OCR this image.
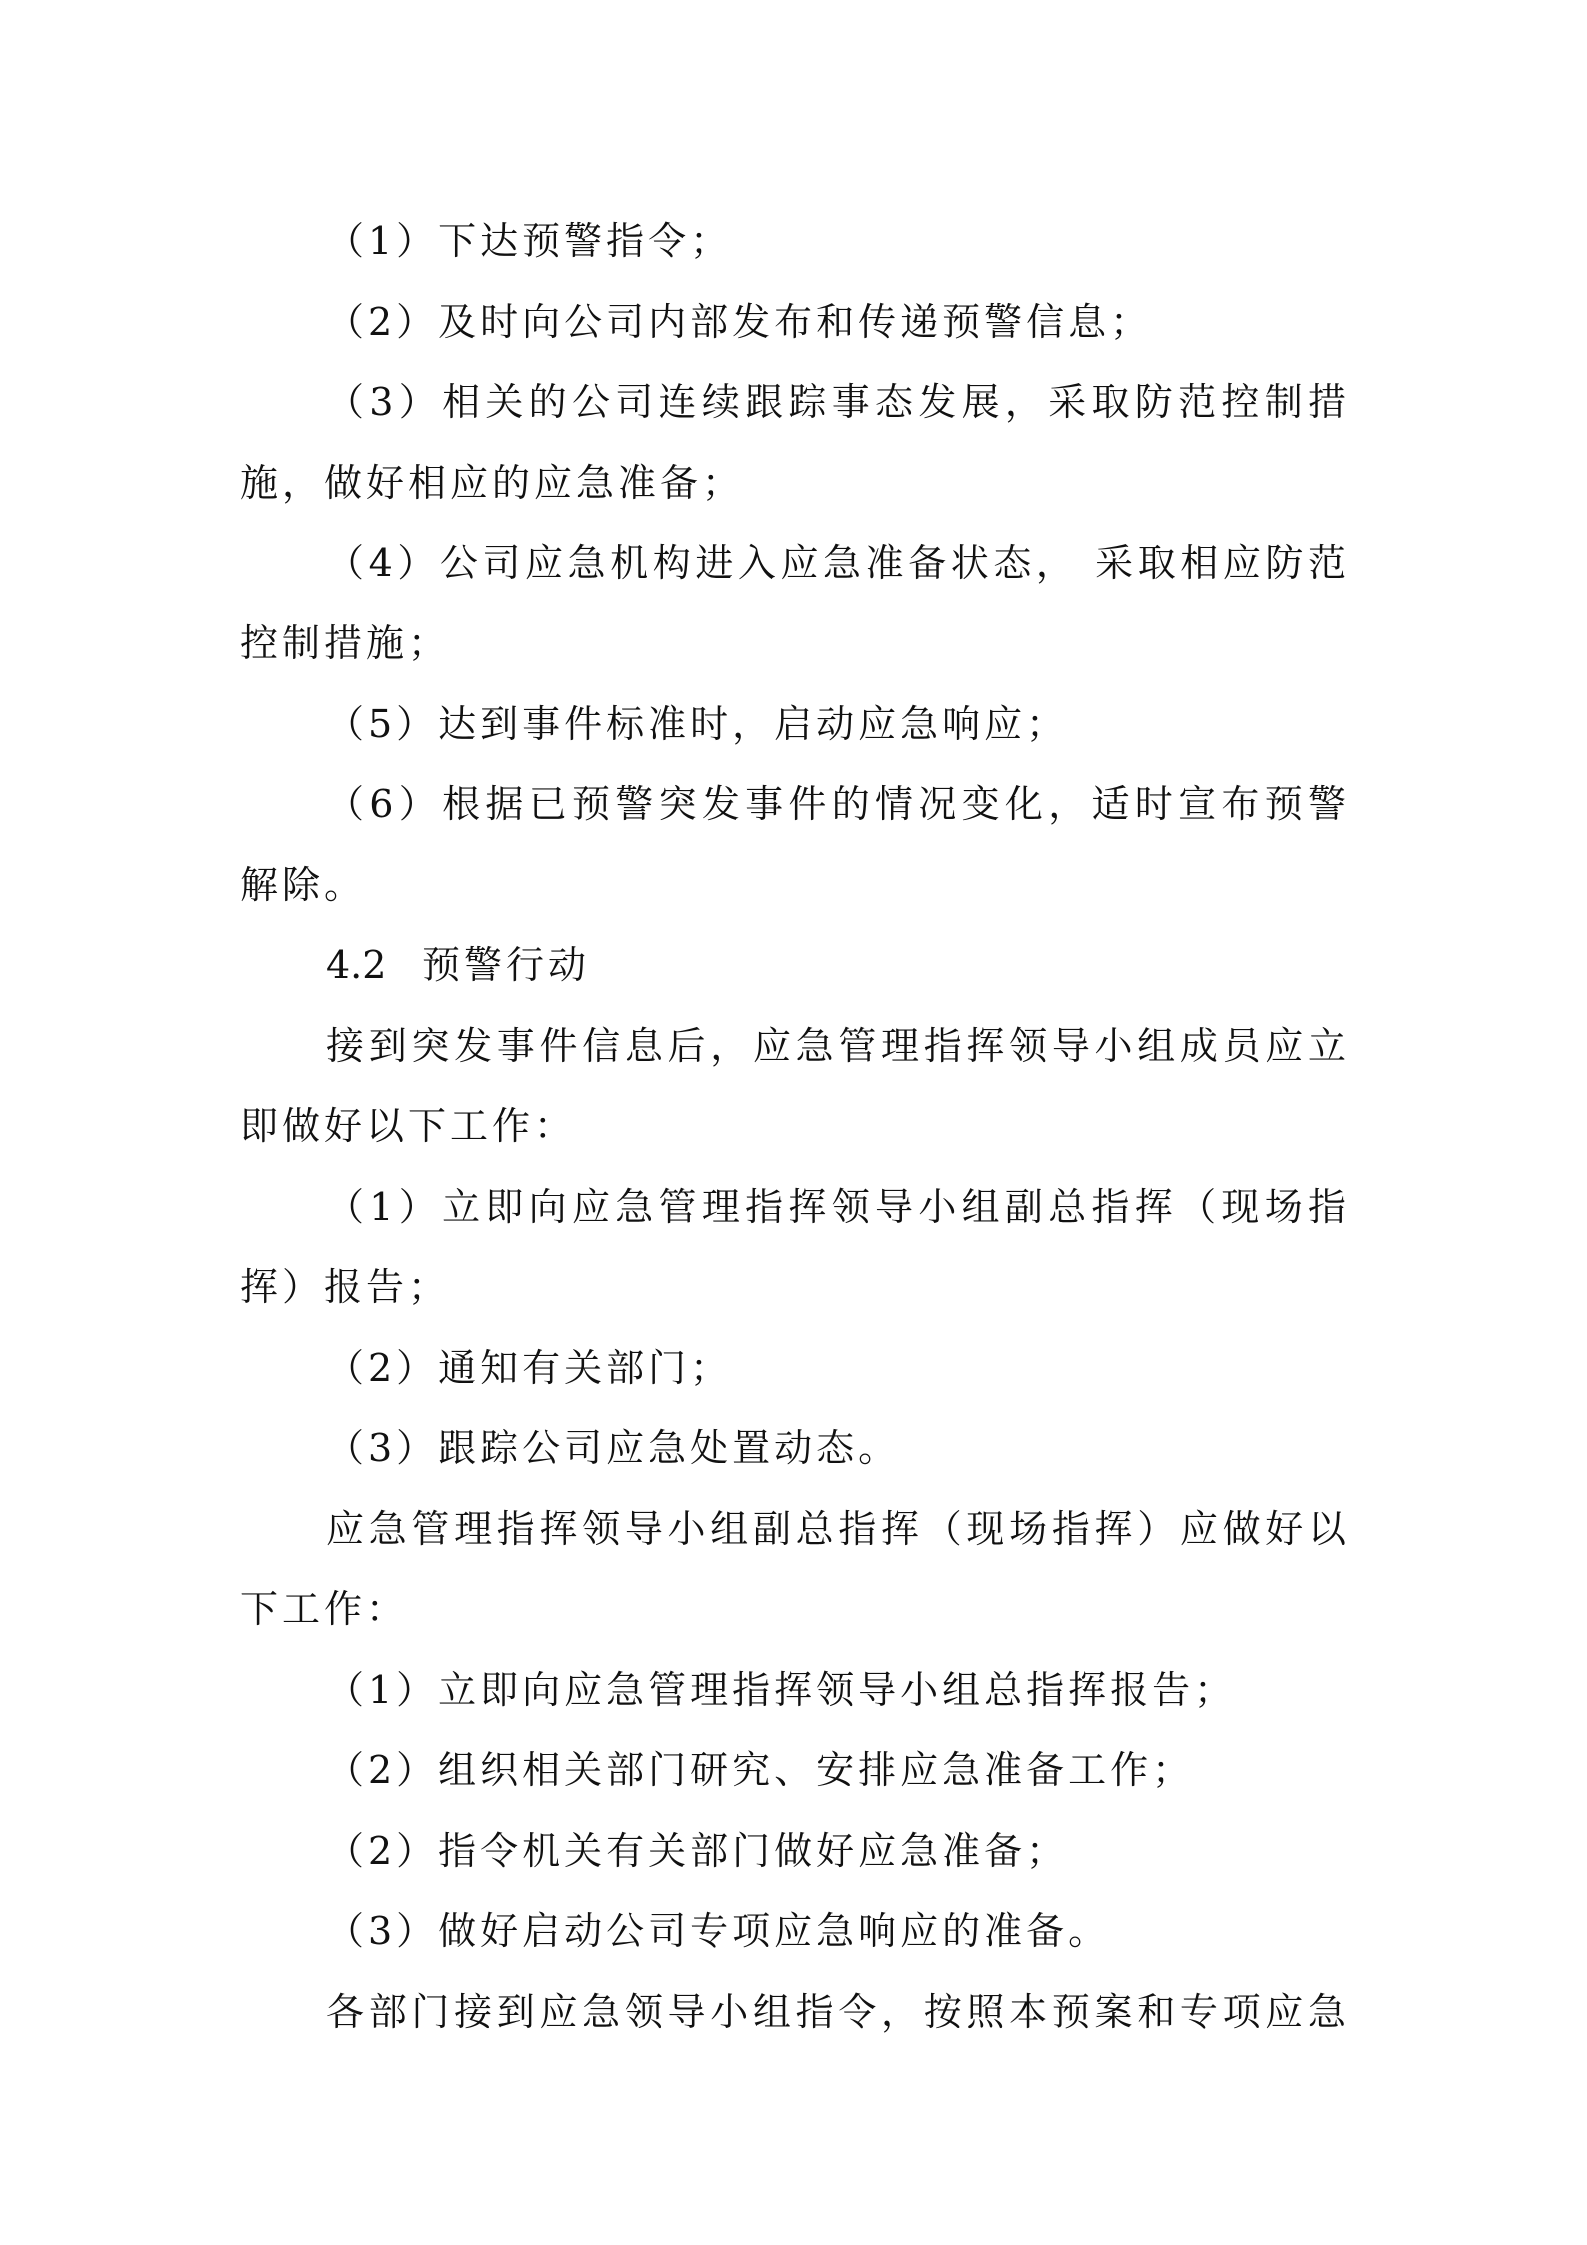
（1）下达预警指令；
（2）及时向公司内部发布和传递预警信息；
（3）相关的公司连续跟踪事态发展，采取防范控制措
施，做好相应的应急准备；
（4）公司应急机构进入应急准备状态， 采取相应防范
控制措施；
（5）达到事件标准时，启动应急响应；
（6）根据已预警突发事件的情况变化，适时宣布预警
解除。
4.2 预警行动
接到突发事件信息后，应急管理指挥领导小组成员应立
即做好以下工作：
（1）立即向应急管理指挥领导小组副总指挥（现场指
挥）报告；
（2）通知有关部门；
（3）跟踪公司应急处置动态。
应急管理指挥领导小组副总指挥（现场指挥）应做好以
下工作：
（1）立即向应急管理指挥领导小组总指挥报告；
（2）组织相关部门研究、安排应急准备工作；
（2）指令机关有关部门做好应急准备；
（3）做好启动公司专项应急响应的准备。
各部门接到应急领导小组指令，按照本预案和专项应急
